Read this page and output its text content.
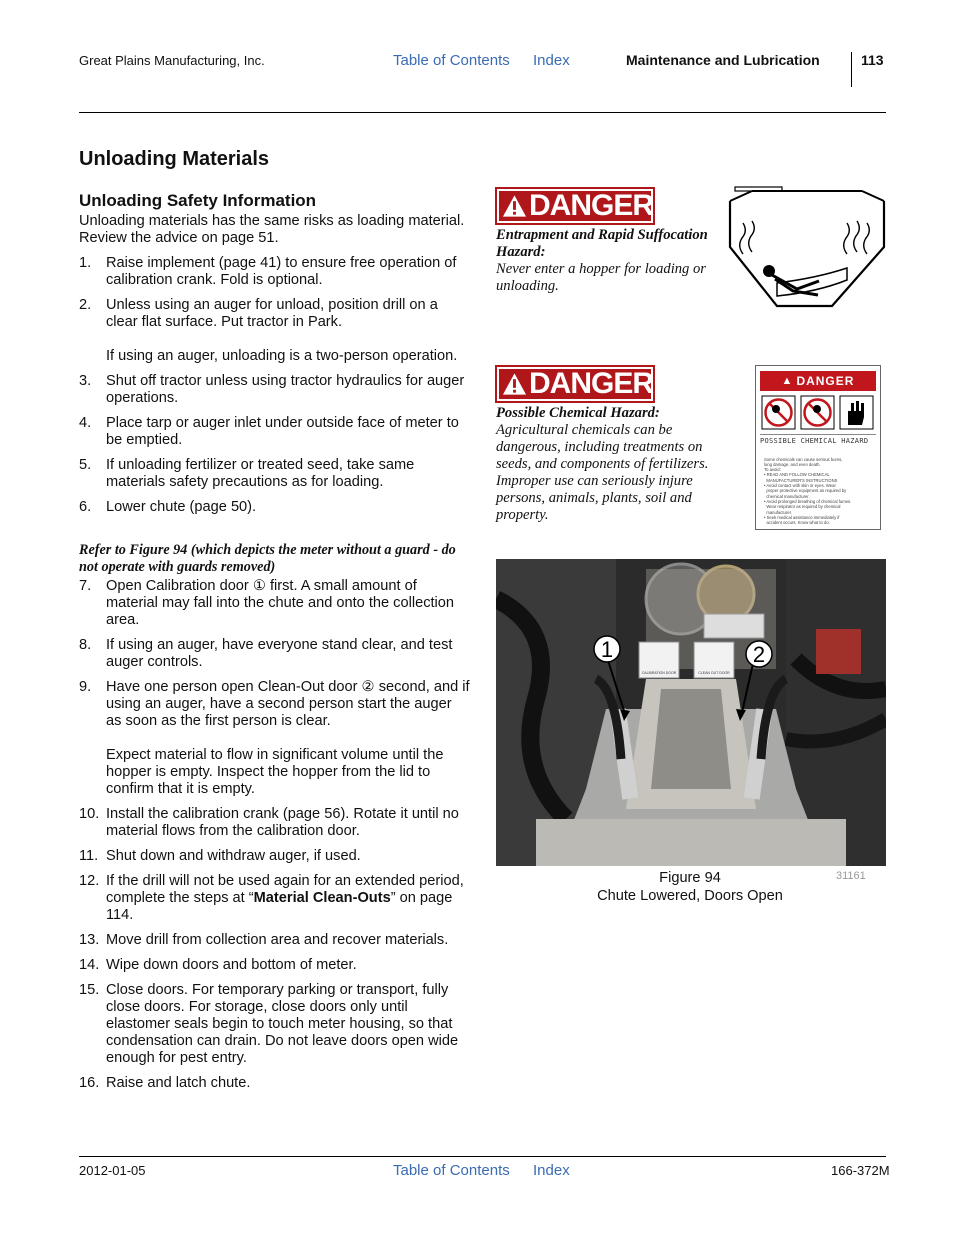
Great Plains Manufacturing, Inc.	Table of Contents Index	Maintenance and Lubrication	113
Unloading Materials
Unloading Safety Information
Unloading materials has the same risks as loading material. Review the advice on page 51.
1. Raise implement (page 41) to ensure free operation of calibration crank. Fold is optional.
2. Unless using an auger for unload, position drill on a clear flat surface. Put tractor in Park.
If using an auger, unloading is a two-person operation.
3. Shut off tractor unless using tractor hydraulics for auger operations.
4. Place tarp or auger inlet under outside face of meter to be emptied.
5. If unloading fertilizer or treated seed, take same materials safety precautions as for loading.
6. Lower chute (page 50).
Refer to Figure 94 (which depicts the meter without a guard - do not operate with guards removed)
7. Open Calibration door ① first. A small amount of material may fall into the chute and onto the collection area.
8. If using an auger, have everyone stand clear, and test auger controls.
9. Have one person open Clean-Out door ② second, and if using an auger, have a second person start the auger as soon as the first person is clear.
Expect material to flow in significant volume until the hopper is empty. Inspect the hopper from the lid to confirm that it is empty.
10. Install the calibration crank (page 56). Rotate it until no material flows from the calibration door.
11. Shut down and withdraw auger, if used.
12. If the drill will not be used again for an extended period, complete the steps at “Material Clean-Outs” on page 114.
13. Move drill from collection area and recover materials.
14. Wipe down doors and bottom of meter.
15. Close doors. For temporary parking or transport, fully close doors. For storage, close doors only until elastomer seals begin to touch meter housing, so that condensation can drain. Do not leave doors open wide enough for pest entry.
16. Raise and latch chute.
DANGER
Entrapment and Rapid Suffocation Hazard:
Never enter a hopper for loading or unloading.
DANGER
Possible Chemical Hazard:
Agricultural chemicals can be dangerous, including treatments on seeds, and components of fertilizers. Improper use can seriously injure persons, animals, plants, soil and property.
▲ DANGER
POSSIBLE CHEMICAL HAZARD

Some chemicals can cause serious burns,
lung damage, and even death.
To avoid:
• READ AND FOLLOW CHEMICAL
MANUFACTURER'S INSTRUCTIONS
• Avoid contact with skin or eyes. Wear
proper protective equipment as required by
chemical manufacturer.
• Avoid prolonged breathing of chemical fumes.
Wear respirator as required by chemical
manufacturer.
• Seek medical assistance immediately if
accident occurs. Know what to do.

CALIBRATION DOOR	CLEAN OUT DOOR
1	2
Figure 94
Chute Lowered, Doors Open
31161
2012-01-05	Table of Contents Index	166-372M
